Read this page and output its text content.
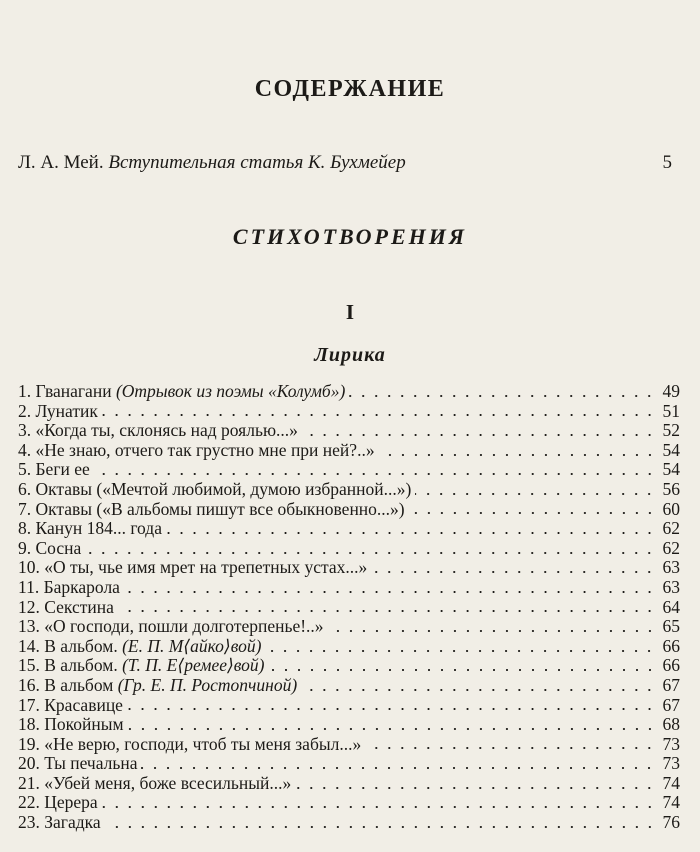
СОДЕРЖАНИЕ
Л. А. Мей. Вступительная статья К. Бухмейер	5
СТИХОТВОРЕНИЯ
I
Лирика
1. Гванагани (Отрывок из поэмы «Колумб»)	49
2. Лунатик	51
3. «Когда ты, склонясь над роялью...»	52
4. «Не знаю, отчего так грустно мне при ней?..»	54
5. Беги ее	54
6. Октавы («Мечтой любимой, думою избранной...»)	56
7. Октавы («В альбомы пишут все обыкновенно...»)	60
8. Канун 184... года	62
9. Сосна	62
10. «О ты, чье имя мрет на трепетных устах...»	63
11. Баркарола	63
12. Секстина	64
13. «О господи, пошли долготерпенье!..»	65
14. В альбом. (Е. П. М⟨айко⟩вой)	66
15. В альбом. (Т. П. Е⟨ремее⟩вой)	66
16. В альбом (Гр. Е. П. Ростопчиной)	67
17. Красавице	67
18. Покойным	68
19. «Не верю, господи, чтоб ты меня забыл...»	73
20. Ты печальна	73
21. «Убей меня, боже всесильный...»	74
22. Церера	74
23. Загадка	76
